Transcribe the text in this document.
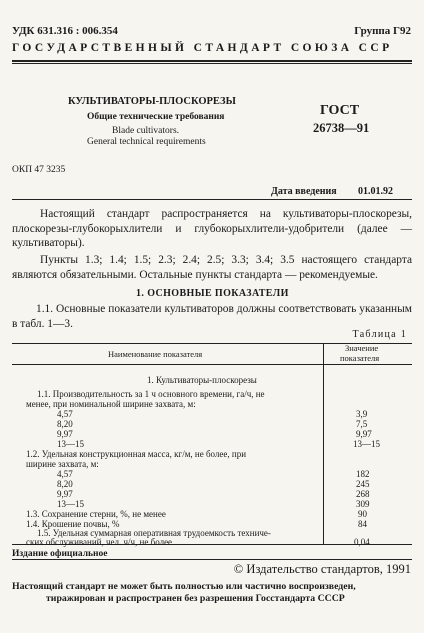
УДК 631.316 : 006.354	Группа Г92
ГОСУДАРСТВЕННЫЙ СТАНДАРТ СОЮЗА ССР
КУЛЬТИВАТОРЫ-ПЛОСКОРЕЗЫ
Общие технические требования
Blade cultivators.
General technical requirements
ГОСТ
26738—91
ОКП 47 3235
Дата введения 01.01.92
Настоящий стандарт распространяется на культиваторы-плоскорезы, плоскорезы-глубокорыхлители и глубокорыхлители-удобрители (далее — культиваторы).
Пункты 1.3; 1.4; 1.5; 2.3; 2.4; 2.5; 3.3; 3.4; 3.5 настоящего стандарта являются обязательными. Остальные пункты стандарта — рекомендуемые.
1. ОСНОВНЫЕ ПОКАЗАТЕЛИ
1.1. Основные показатели культиваторов должны соответствовать указанным в табл. 1—3.
Таблица 1
Наименование показателя
Значение
показателя
1. Культиваторы-плоскорезы
1.1. Производительность за 1 ч основного времени, га/ч, не
менее, при номинальной ширине захвата, м:
4,57	3,9
8,20	7,5
9,97	9,97
13—15	13—15
1.2. Удельная конструкционная масса, кг/м, не более, при
ширине захвата, м:
4,57	182
8,20	245
9,97	268
13—15	309
1.3. Сохранение стерни, %, не менее	90
1.4. Крошение почвы, %	84
1.5. Удельная суммарная оперативная трудоемкость техниче-
ских обслуживаний, чел. ч/ч, не более	0,04
Издание официальное
© Издательство стандартов, 1991
Настоящий стандарт не может быть полностью или частично воспроизведен,
тиражирован и распространен без разрешения Госстандарта СССР
